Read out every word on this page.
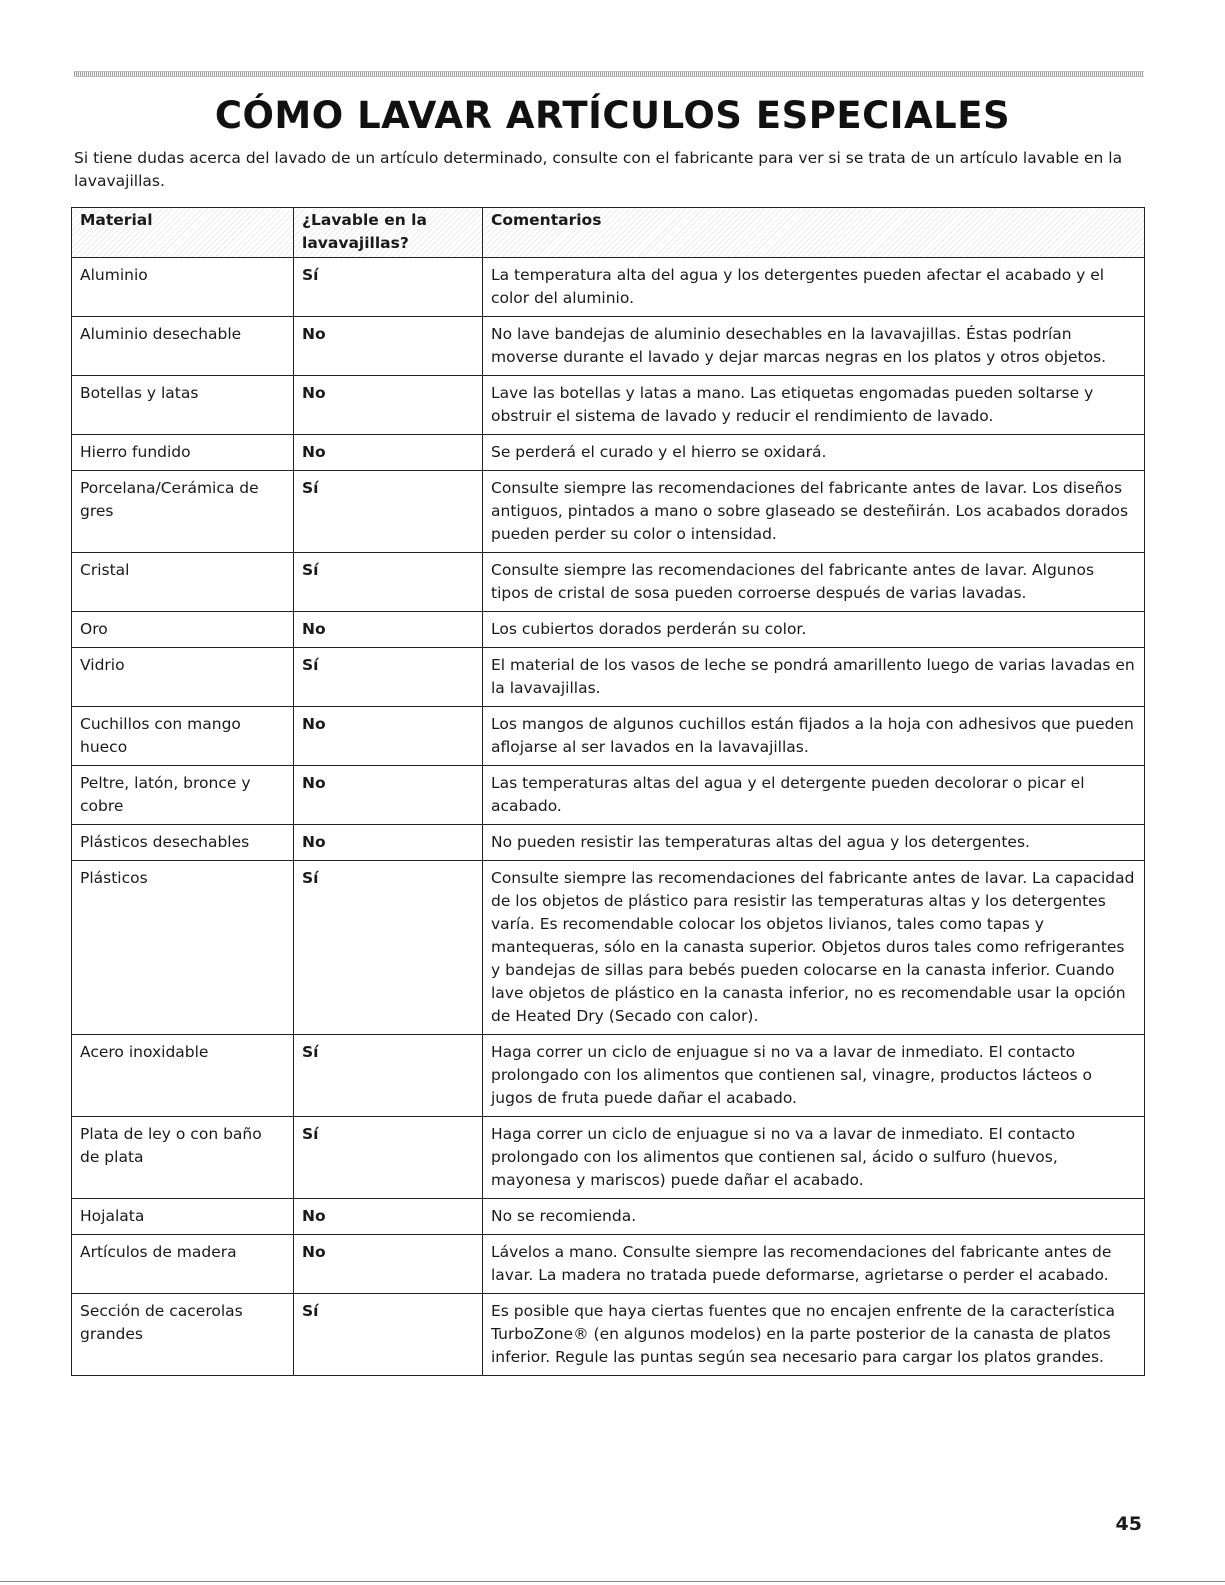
CÓMO LAVAR ARTÍCULOS ESPECIALES

Si tiene dudas acerca del lavado de un artículo determinado, consulte con el fabricante para ver si se trata de un artículo lavable en la lavavajillas.

Material	¿Lavable en la lavavajillas?	Comentarios
Aluminio	Sí	La temperatura alta del agua y los detergentes pueden afectar el acabado y el color del aluminio.
Aluminio desechable	No	No lave bandejas de aluminio desechables en la lavavajillas. Éstas podrían moverse durante el lavado y dejar marcas negras en los platos y otros objetos.
Botellas y latas	No	Lave las botellas y latas a mano. Las etiquetas engomadas pueden soltarse y obstruir el sistema de lavado y reducir el rendimiento de lavado.
Hierro fundido	No	Se perderá el curado y el hierro se oxidará.
Porcelana/Cerámica de gres	Sí	Consulte siempre las recomendaciones del fabricante antes de lavar. Los diseños antiguos, pintados a mano o sobre glaseado se desteñirán. Los acabados dorados pueden perder su color o intensidad.
Cristal	Sí	Consulte siempre las recomendaciones del fabricante antes de lavar. Algunos tipos de cristal de sosa pueden corroerse después de varias lavadas.
Oro	No	Los cubiertos dorados perderán su color.
Vidrio	Sí	El material de los vasos de leche se pondrá amarillento luego de varias lavadas en la lavavajillas.
Cuchillos con mango hueco	No	Los mangos de algunos cuchillos están fijados a la hoja con adhesivos que pueden aflojarse al ser lavados en la lavavajillas.
Peltre, latón, bronce y cobre	No	Las temperaturas altas del agua y el detergente pueden decolorar o picar el acabado.
Plásticos desechables	No	No pueden resistir las temperaturas altas del agua y los detergentes.
Plásticos	Sí	Consulte siempre las recomendaciones del fabricante antes de lavar. La capacidad de los objetos de plástico para resistir las temperaturas altas y los detergentes varía. Es recomendable colocar los objetos livianos, tales como tapas y mantequeras, sólo en la canasta superior. Objetos duros tales como refrigerantes y bandejas de sillas para bebés pueden colocarse en la canasta inferior. Cuando lave objetos de plástico en la canasta inferior, no es recomendable usar la opción de Heated Dry (Secado con calor).
Acero inoxidable	Sí	Haga correr un ciclo de enjuague si no va a lavar de inmediato. El contacto prolongado con los alimentos que contienen sal, vinagre, productos lácteos o jugos de fruta puede dañar el acabado.
Plata de ley o con baño de plata	Sí	Haga correr un ciclo de enjuague si no va a lavar de inmediato. El contacto prolongado con los alimentos que contienen sal, ácido o sulfuro (huevos, mayonesa y mariscos) puede dañar el acabado.
Hojalata	No	No se recomienda.
Artículos de madera	No	Lávelos a mano. Consulte siempre las recomendaciones del fabricante antes de lavar. La madera no tratada puede deformarse, agrietarse o perder el acabado.
Sección de cacerolas grandes	Sí	Es posible que haya ciertas fuentes que no encajen enfrente de la característica TurboZone® (en algunos modelos) en la parte posterior de la canasta de platos inferior. Regule las puntas según sea necesario para cargar los platos grandes.
45
